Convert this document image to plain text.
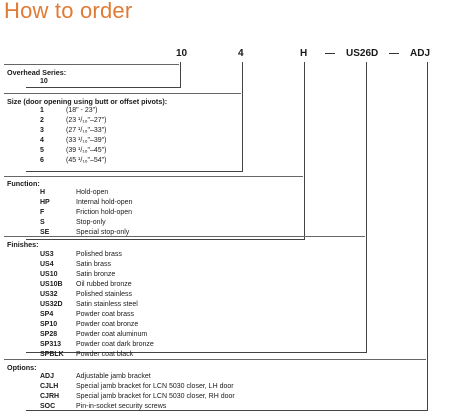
How to order
10	4	H	US26D	ADJ
Overhead Series:
10
Size (door opening using butt or offset pivots):
1	(18" - 23")
2	(23 ¹/₁₆"–27")
3	(27 ¹/₁₆"–33")
4	(33 ¹/₁₆"–39")
5	(39 ¹/₁₆"–45")
6	(45 ¹/₁₆"–54")
Function:
H	Hold-open
HP	Internal hold-open
F	Friction hold-open
S	Stop-only
SE	Special stop-only
Finishes:
US3	Polished brass
US4	Satin brass
US10	Satin bronze
US10B Oil rubbed bronze
US32	Polished stainless
US32D Satin stainless steel
SP4	Powder coat brass
SP10	Powder coat bronze
SP28	Powder coat aluminum
SP313 Powder coat dark bronze
SPBLK Powder coat black
Options:
ADJ	Adjustable jamb bracket
CJLH	Special jamb bracket for LCN 5030 closer, LH door
CJRH Special jamb bracket for LCN 5030 closer, RH door
SOC	Pin-in-socket security screws
